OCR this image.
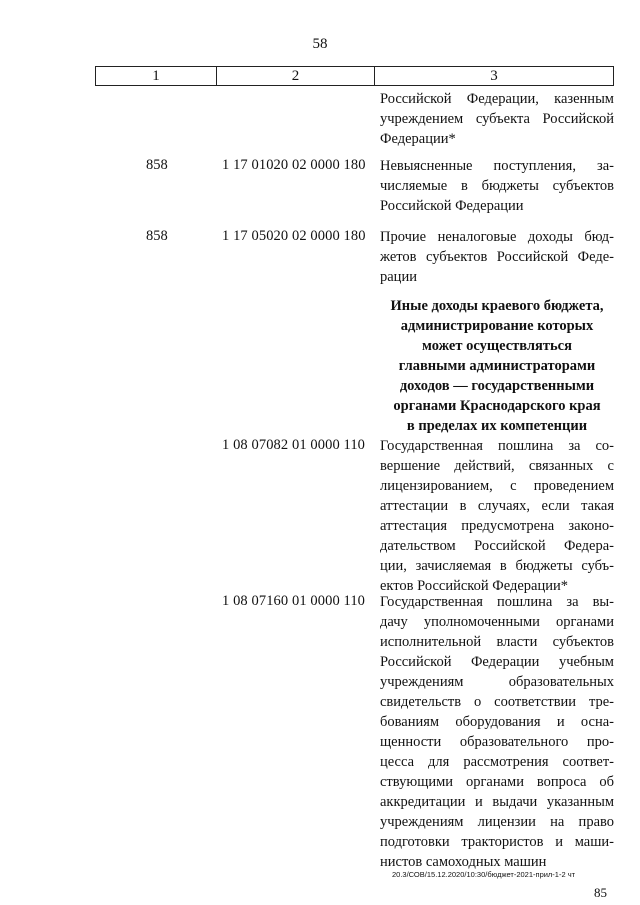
58
1	2	3
Российской Федерации, казенным
учреждением субъекта Российской
Федерации*
858	1 17 01020 02 0000 180 Невыясненные поступления, за-
числяемые в бюджеты субъектов
Российской Федерации
858	1 17 05020 02 0000 180 Прочие неналоговые доходы бюд-
жетов субъектов Российской Феде-
рации
Иные доходы краевого бюджета,
администрирование которых
может осуществляться
главными администраторами
доходов — государственными
органами Краснодарского края
в пределах их компетенции
1 08 07082 01 0000 110 Государственная пошлина за со-
вершение действий, связанных с
лицензированием, с проведением
аттестации в случаях, если такая
аттестация предусмотрена законо-
дательством Российской Федера-
ции, зачисляемая в бюджеты субъ-
ектов Российской Федерации*
1 08 07160 01 0000 110 Государственная пошлина за вы-
дачу уполномоченными органами
исполнительной власти субъектов
Российской Федерации учебным
учреждениям образовательных
свидетельств о соответствии тре-
бованиям оборудования и осна-
щенности образовательного про-
цесса для рассмотрения соответ-
ствующими органами вопроса об
аккредитации и выдачи указанным
учреждениям лицензии на право
подготовки трактористов и маши-
нистов самоходных машин
20.3/СОВ/15.12.2020/10:30/бюджет-2021-прил-1-2 чт
85
